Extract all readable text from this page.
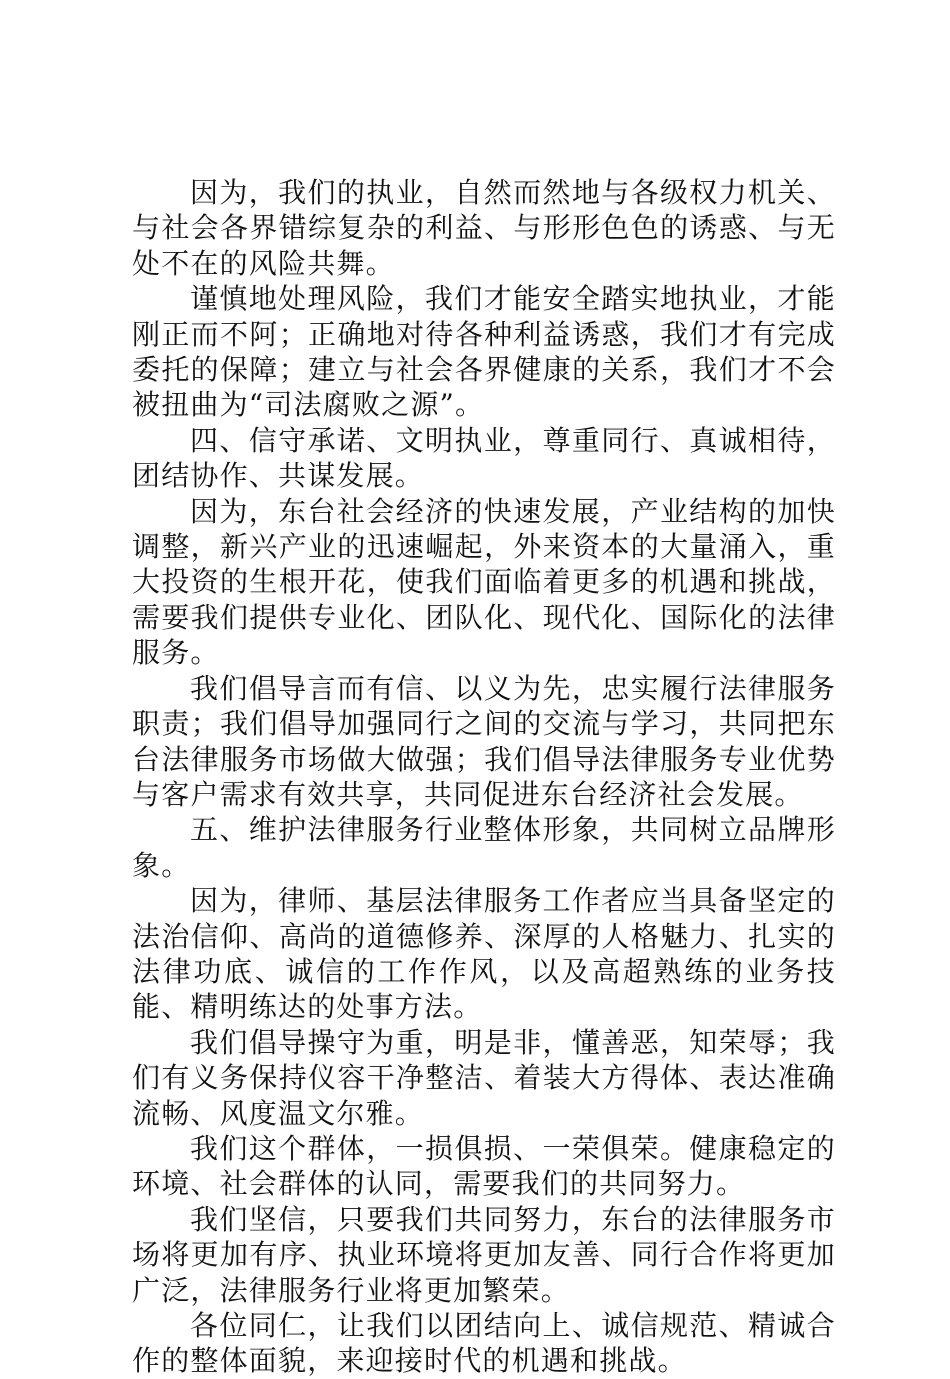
因为，我们的执业，自然而然地与各级权力机关、与社会各界错综复杂的利益、与形形色色的诱惑、与无处不在的风险共舞。

谨慎地处理风险，我们才能安全踏实地执业，才能刚正而不阿；正确地对待各种利益诱惑，我们才有完成委托的保障；建立与社会各界健康的关系，我们才不会被扭曲为“司法腐败之源”。

四、信守承诺、文明执业，尊重同行、真诚相待，团结协作、共谋发展。

因为，东台社会经济的快速发展，产业结构的加快调整，新兴产业的迅速崛起，外来资本的大量涌入，重大投资的生根开花，使我们面临着更多的机遇和挑战，需要我们提供专业化、团队化、现代化、国际化的法律服务。

我们倡导言而有信、以义为先，忠实履行法律服务职责；我们倡导加强同行之间的交流与学习，共同把东台法律服务市场做大做强；我们倡导法律服务专业优势与客户需求有效共享，共同促进东台经济社会发展。

五、维护法律服务行业整体形象，共同树立品牌形象。

因为，律师、基层法律服务工作者应当具备坚定的法治信仰、高尚的道德修养、深厚的人格魅力、扎实的法律功底、诚信的工作作风，以及高超熟练的业务技能、精明练达的处事方法。

我们倡导操守为重，明是非，懂善恶，知荣辱；我们有义务保持仪容干净整洁、着装大方得体、表达准确流畅、风度温文尔雅。

我们这个群体，一损俱损、一荣俱荣。健康稳定的环境、社会群体的认同，需要我们的共同努力。

我们坚信，只要我们共同努力，东台的法律服务市场将更加有序、执业环境将更加友善、同行合作将更加广泛，法律服务行业将更加繁荣。

各位同仁，让我们以团结向上、诚信规范、精诚合作的整体面貌，来迎接时代的机遇和挑战。
